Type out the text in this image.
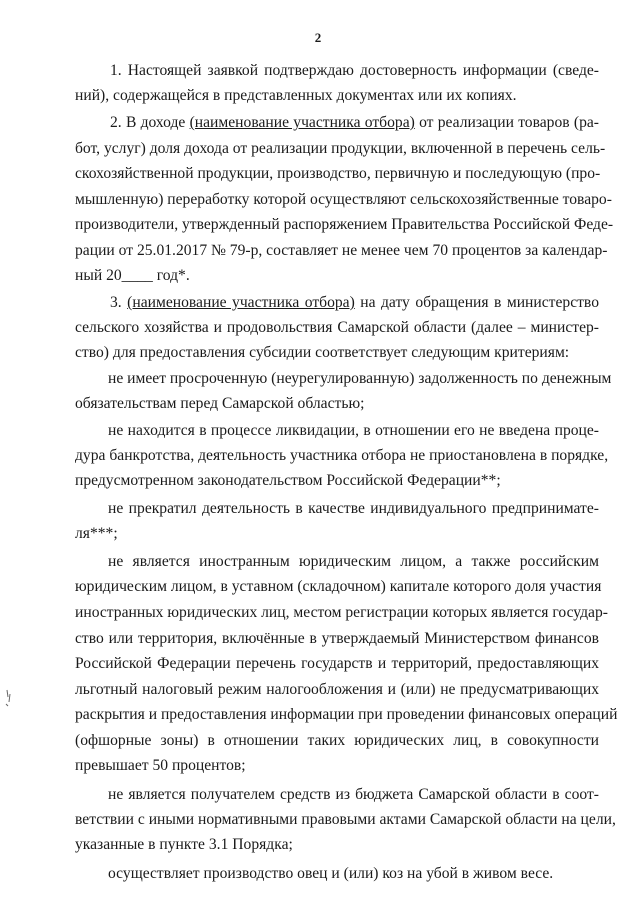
2
1. Настоящей заявкой подтверждаю достоверность информации (сведе-
ний), содержащейся в представленных документах или их копиях.
2. В доходе (наименование участника отбора) от реализации товаров (ра-
бот, услуг) доля дохода от реализации продукции, включенной в перечень сель-
скохозяйственной продукции, производство, первичную и последующую (про-
мышленную) переработку которой осуществляют сельскохозяйственные товаро-
производители, утвержденный распоряжением Правительства Российской Феде-
рации от 25.01.2017 № 79-р, составляет не менее чем 70 процентов за календар-
ный 20____ год*.
3. (наименование участника отбора) на дату обращения в министерство
сельского хозяйства и продовольствия Самарской области (далее – министер-
ство) для предоставления субсидии соответствует следующим критериям:
не имеет просроченную (неурегулированную) задолженность по денежным
обязательствам перед Самарской областью;
не находится в процессе ликвидации, в отношении его не введена проце-
дура банкротства, деятельность участника отбора не приостановлена в порядке,
предусмотренном законодательством Российской Федерации**;
не прекратил деятельность в качестве индивидуального предпринимате-
ля***;
не является иностранным юридическим лицом, а также российским
юридическим лицом, в уставном (складочном) капитале которого доля участия
иностранных юридических лиц, местом регистрации которых является государ-
ство или территория, включённые в утверждаемый Министерством финансов
Российской Федерации перечень государств и территорий, предоставляющих
льготный налоговый режим налогообложения и (или) не предусматривающих
раскрытия и предоставления информации при проведении финансовых операций
(офшорные зоны) в отношении таких юридических лиц, в совокупности
превышает 50 процентов;
не является получателем средств из бюджета Самарской области в соот-
ветствии с иными нормативными правовыми актами Самарской области на цели,
указанные в пункте 3.1 Порядка;
осуществляет производство овец и (или) коз на убой в живом весе.
